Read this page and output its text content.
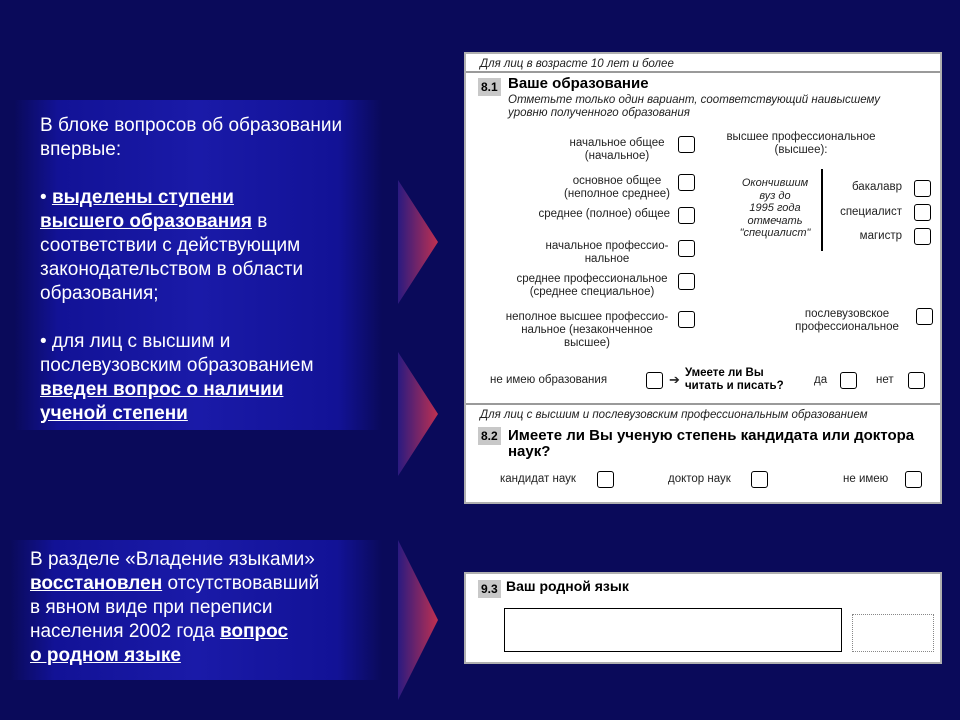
В блоке вопросов об образовании

впервые:

• выделены ступени

высшего образования в

соответствии с действующим

законодательством в области

образования;

• для лиц с высшим и

послевузовским образованием

введен вопрос о наличии

ученой степени

В разделе «Владение языками»

восстановлен отсутствовавший

в явном виде при переписи

населения 2002 года вопрос

о родном языке

Для лиц в возрасте 10 лет и более
8.1 Ваше образование
Отметьте только один вариант, соответствующий наивысшему
уровню полученного образования
начальное общее
(начальное)
основное общее
(неполное среднее)
среднее (полное) общее
начальное профессио-
нальное
среднее профессиональное
(среднее специальное)
неполное высшее профессио-
нальное (незаконченное
высшее)
высшее профессиональное
(высшее):
Окончившим
вуз до
1995 года
отмечать
"специалист"
бакалавр
специалист
магистр
послевузовское
профессиональное
не имею образования	➔ Умеете ли Вы
читать и писать?	да	нет
Для лиц с высшим и послевузовским профессиональным образованием
8.2 Имеете ли Вы ученую степень кандидата или доктора
наук?
кандидат наук	доктор наук	не имею
9.3 Ваш родной язык
